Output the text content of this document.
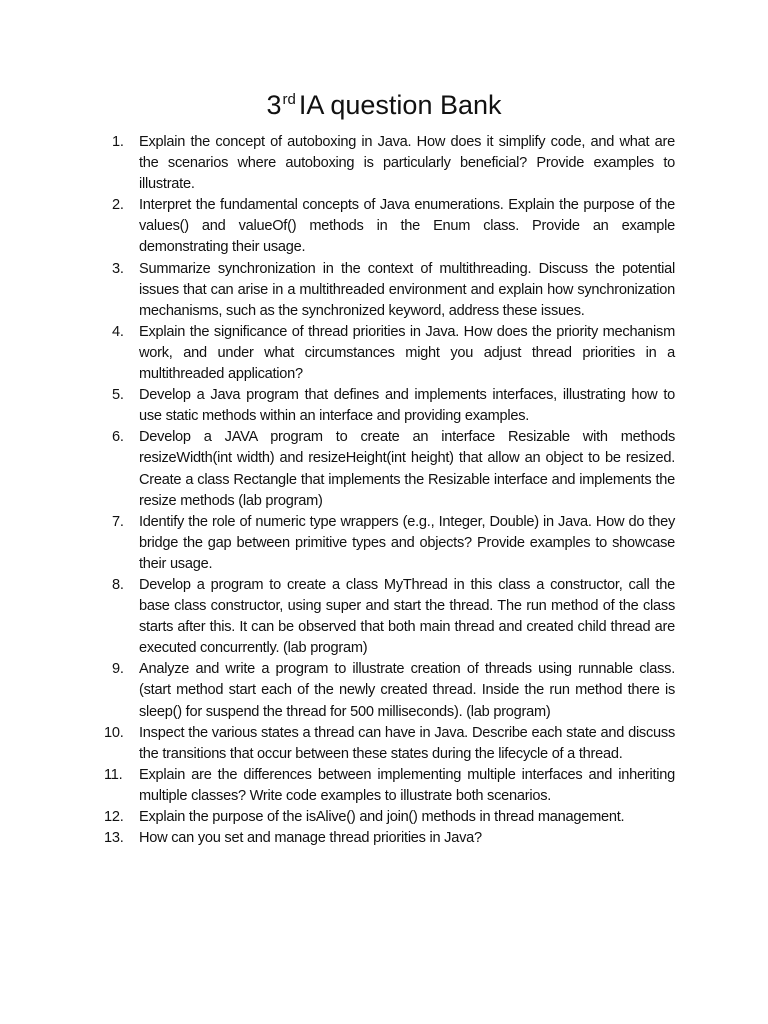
3rd IA question Bank
1.	Explain the concept of autoboxing in Java. How does it simplify code, and what are the scenarios where autoboxing is particularly beneficial? Provide examples to illustrate.
2.	Interpret the fundamental concepts of Java enumerations. Explain the purpose of the values() and valueOf() methods in the Enum class. Provide an example demonstrating their usage.
3.	Summarize synchronization in the context of multithreading. Discuss the potential issues that can arise in a multithreaded environment and explain how synchronization mechanisms, such as the synchronized keyword, address these issues.
4.	Explain the significance of thread priorities in Java. How does the priority mechanism work, and under what circumstances might you adjust thread priorities in a multithreaded application?
5.	Develop a Java program that defines and implements interfaces, illustrating how to use static methods within an interface and providing examples.
6.	Develop a JAVA program to create an interface Resizable with methods resizeWidth(int width) and resizeHeight(int height) that allow an object to be resized. Create a class Rectangle that implements the Resizable interface and implements the resize methods (lab program)
7.	Identify the role of numeric type wrappers (e.g., Integer, Double) in Java. How do they bridge the gap between primitive types and objects? Provide examples to showcase their usage.
8.	Develop a program to create a class MyThread in this class a constructor, call the base class constructor, using super and start the thread. The run method of the class starts after this. It can be observed that both main thread and created child thread are executed concurrently. (lab program)
9.	Analyze and write a program to illustrate creation of threads using runnable class. (start method start each of the newly created thread. Inside the run method there is sleep() for suspend the thread for 500 milliseconds). (lab program)
10.	Inspect the various states a thread can have in Java. Describe each state and discuss the transitions that occur between these states during the lifecycle of a thread.
11.	Explain are the differences between implementing multiple interfaces and inheriting multiple classes? Write code examples to illustrate both scenarios.
12.	Explain the purpose of the isAlive() and join() methods in thread management.
13.	How can you set and manage thread priorities in Java?
